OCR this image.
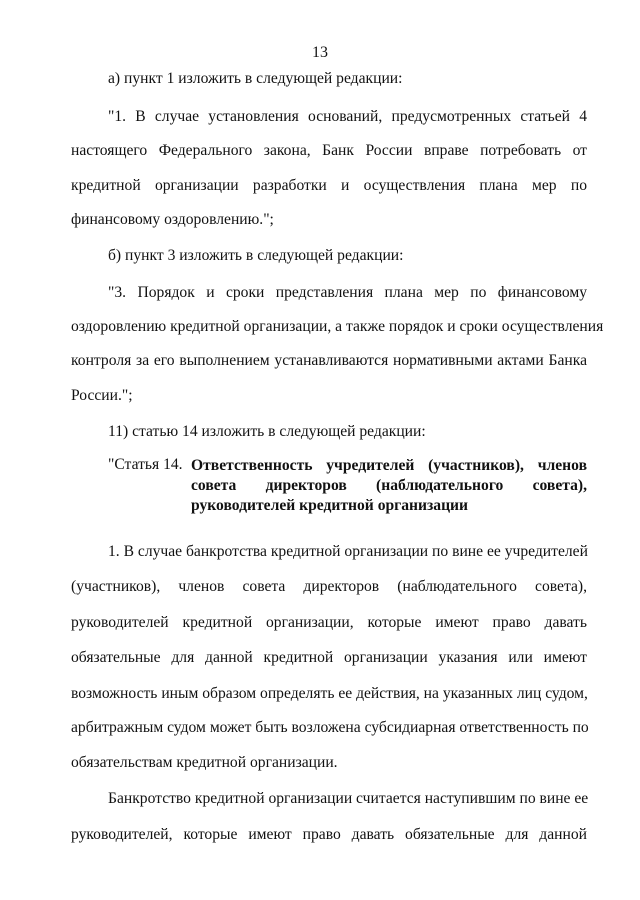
13
а) пункт 1 изложить в следующей редакции:
"1. В случае установления оснований, предусмотренных статьей 4
настоящего Федерального закона, Банк России вправе потребовать от
кредитной организации разработки и осуществления плана мер по
финансовому оздоровлению.";
б) пункт 3 изложить в следующей редакции:
"3. Порядок и сроки представления плана мер по финансовому
оздоровлению кредитной организации, а также порядок и сроки осуществления
контроля за его выполнением устанавливаются нормативными актами Банка
России.";
11) статью 14 изложить в следующей редакции:
"Статья 14. Ответственность учредителей (участников), членов
совета директоров (наблюдательного совета),
руководителей кредитной организации
1. В случае банкротства кредитной организации по вине ее учредителей
(участников), членов совета директоров (наблюдательного совета),
руководителей кредитной организации, которые имеют право давать
обязательные для данной кредитной организации указания или имеют
возможность иным образом определять ее действия, на указанных лиц судом,
арбитражным судом может быть возложена субсидиарная ответственность по
обязательствам кредитной организации.
Банкротство кредитной организации считается наступившим по вине ее
руководителей, которые имеют право давать обязательные для данной
